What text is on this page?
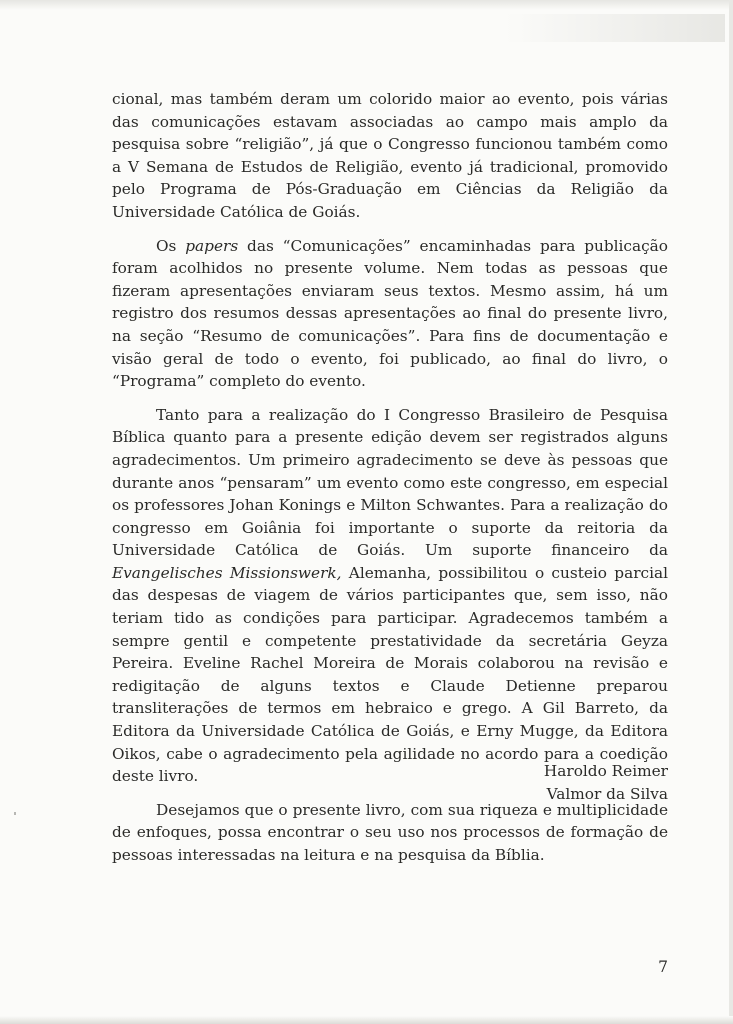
cional, mas também deram um colorido maior ao evento, pois várias das comunicações estavam associadas ao campo mais amplo da pesquisa sobre “religião”, já que o Congresso funcionou também como a V Semana de Estudos de Religião, evento já tradicional, promovido pelo Programa de Pós-Graduação em Ciências da Religião da Universidade Católica de Goiás.

Os papers das “Comunicações” encaminhadas para publicação foram acolhidos no presente volume. Nem todas as pessoas que fizeram apresentações enviaram seus textos. Mesmo assim, há um registro dos resumos dessas apresentações ao final do presente livro, na seção “Resumo de comunicações”. Para fins de documentação e visão geral de todo o evento, foi publicado, ao final do livro, o “Programa” completo do evento.

Tanto para a realização do I Congresso Brasileiro de Pesquisa Bíblica quanto para a presente edição devem ser registrados alguns agradecimentos. Um primeiro agradecimento se deve às pessoas que durante anos “pensaram” um evento como este congresso, em especial os professores Johan Konings e Milton Schwantes. Para a realização do congresso em Goiânia foi importante o suporte da reitoria da Universidade Católica de Goiás. Um suporte financeiro da Evangelisches Missionswerk, Alemanha, possibilitou o custeio parcial das despesas de viagem de vários participantes que, sem isso, não teriam tido as condições para participar. Agradecemos também a sempre gentil e competente prestatividade da secretária Geyza Pereira. Eveline Rachel Moreira de Morais colaborou na revisão e redigitação de alguns textos e Claude Detienne preparou transliterações de termos em hebraico e grego. A Gil Barreto, da Editora da Universidade Católica de Goiás, e Erny Mugge, da Editora Oikos, cabe o agradecimento pela agilidade no acordo para a coedição deste livro.

Desejamos que o presente livro, com sua riqueza e multiplicidade de enfoques, possa encontrar o seu uso nos processos de formação de pessoas interessadas na leitura e na pesquisa da Bíblia.

Haroldo Reimer
Valmor da Silva
7
